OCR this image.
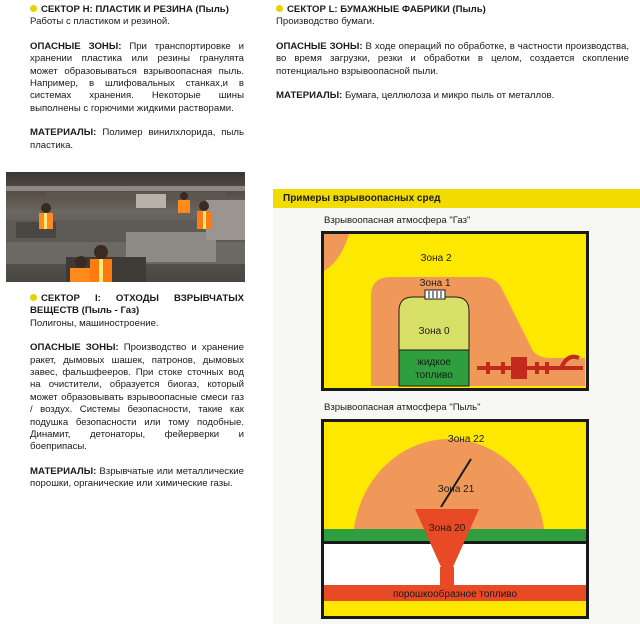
СЕКТОР H: ПЛАСТИК И РЕЗИНА (Пыль)

Работы с пластиком и резиной.

ОПАСНЫЕ ЗОНЫ: При транспортировке и хранении пластика или резины гранулята может образовываться взрывоопасная пыль. Например, в шлифовальных станках,и в системах хранения. Некоторые шины выполнены с горючими жидкими растворами.

МАТЕРИАЛЫ: Полимер винилхлорида, пыль пластика.

СЕКТОР I: ОТХОДЫ ВЗРЫВЧАТЫХ ВЕЩЕСТВ (Пыль - Газ)

Полигоны, машиностроение.

ОПАСНЫЕ ЗОНЫ: Производство и хранение ракет, дымовых шашек, патронов, дымовых завес, фальшфееров. При стоке сточных вод на очистители, образуется биогаз, который может образовывать взрывоопасные смеси газ / воздух. Системы безопасности, такие как подушка безопасности или тому подобные. Динамит, детонаторы, фейерверки и боеприпасы.

МАТЕРИАЛЫ: Взрывчатые или металлические порошки, органические или химические газы.

СЕКТОР L: БУМАЖНЫЕ ФАБРИКИ (Пыль)

Производство бумаги.

ОПАСНЫЕ ЗОНЫ: В ходе операций по обработке, в частности производства, во время загрузки, резки и обработки в целом, создается скопление потенциально взрывоопасной пыли.

МАТЕРИАЛЫ: Бумага, целлюлоза и микро пыль от металлов.

Примеры взрывоопасных сред
Взрывоопасная атмосфера "Газ"
Зона 2
Зона 1
Зона 0
жидкое
топливо
Взрывоопасная атмосфера "Пыль"
Зона 22
Зона 21
Зона 20
порошкообразное топливо
